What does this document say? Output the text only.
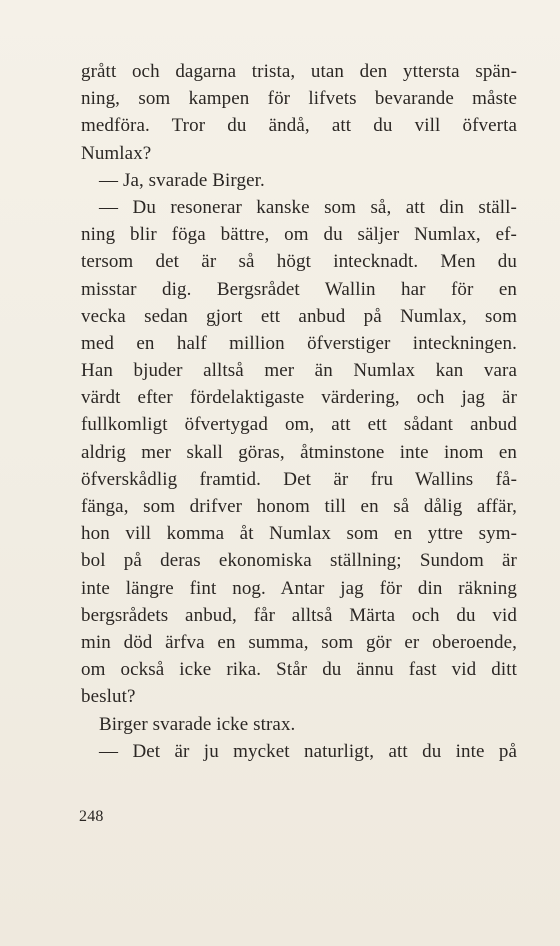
grått och dagarna trista, utan den yttersta spän-
ning, som kampen för lifvets bevarande måste
medföra. Tror du ändå, att du vill öfverta
Numlax?
— Ja, svarade Birger.
— Du resonerar kanske som så, att din ställ-
ning blir föga bättre, om du säljer Numlax, ef-
tersom det är så högt intecknadt. Men du
misstar dig. Bergsrådet Wallin har för en
vecka sedan gjort ett anbud på Numlax, som
med en half million öfverstiger inteckningen.
Han bjuder alltså mer än Numlax kan vara
värdt efter fördelaktigaste värdering, och jag är
fullkomligt öfvertygad om, att ett sådant anbud
aldrig mer skall göras, åtminstone inte inom en
öfverskådlig framtid. Det är fru Wallins få-
fänga, som drifver honom till en så dålig affär,
hon vill komma åt Numlax som en yttre sym-
bol på deras ekonomiska ställning; Sundom är
inte längre fint nog. Antar jag för din räkning
bergsrådets anbud, får alltså Märta och du vid
min död ärfva en summa, som gör er oberoende,
om också icke rika. Står du ännu fast vid ditt
beslut?
Birger svarade icke strax.
— Det är ju mycket naturligt, att du inte på
248
